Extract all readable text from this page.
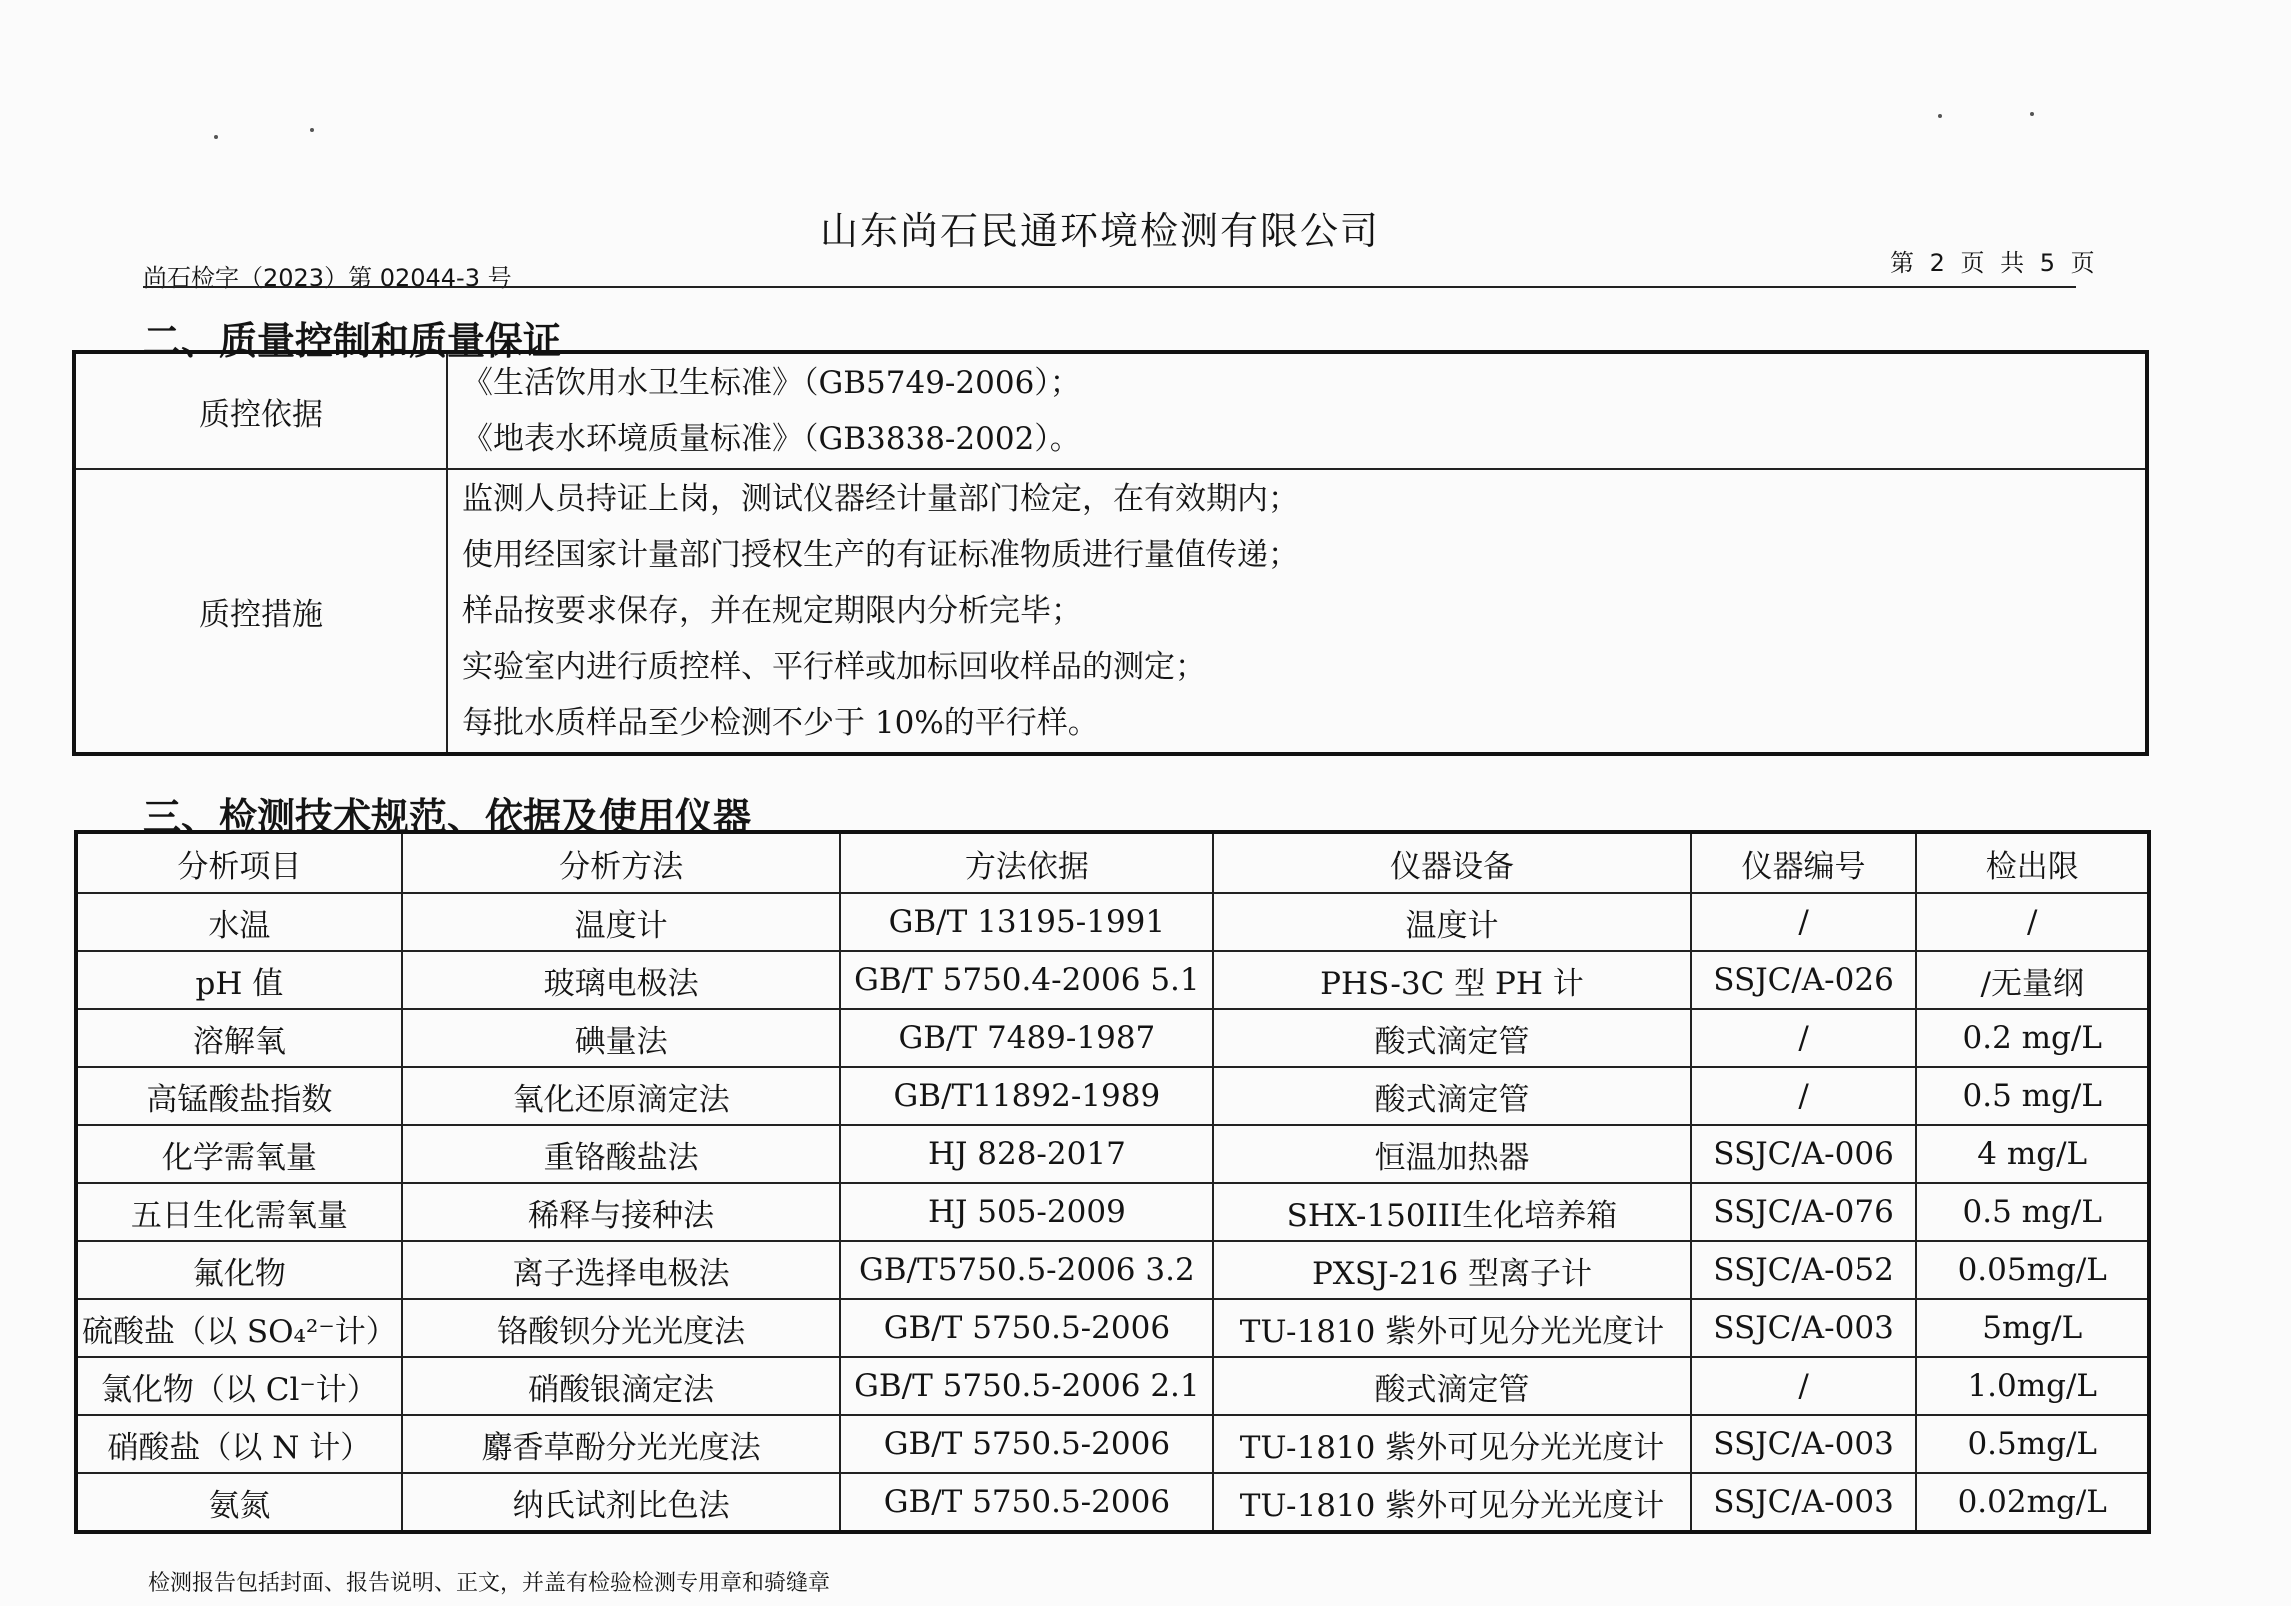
山东尚石民通环境检测有限公司
尚石检字（2023）第 02044-3 号
第 2 页 共 5 页
二、质量控制和质量保证
质控依据	《生活饮用水卫生标准》（GB5749-2006）；
《地表水环境质量标准》（GB3838-2002）。

质控措施	监测人员持证上岗，测试仪器经计量部门检定，在有效期内；
使用经国家计量部门授权生产的有证标准物质进行量值传递；
样品按要求保存，并在规定期限内分析完毕；
实验室内进行质控样、平行样或加标回收样品的测定；
每批水质样品至少检测不少于 10%的平行样。
三、检测技术规范、依据及使用仪器
分析项目	分析方法	方法依据	仪器设备	仪器编号	检出限
水温	温度计	GB/T 13195-1991	温度计	/	/
pH 值	玻璃电极法	GB/T 5750.4-2006 5.1	PHS-3C 型 PH 计	SSJC/A-026	/无量纲
溶解氧	碘量法	GB/T 7489-1987	酸式滴定管	/	0.2 mg/L
高锰酸盐指数	氧化还原滴定法	GB/T11892-1989	酸式滴定管	/	0.5 mg/L
化学需氧量	重铬酸盐法	HJ 828-2017	恒温加热器	SSJC/A-006	4 mg/L
五日生化需氧量	稀释与接种法	HJ 505-2009	SHX-150III生化培养箱	SSJC/A-076	0.5 mg/L
氟化物	离子选择电极法	GB/T5750.5-2006 3.2	PXSJ-216 型离子计	SSJC/A-052	0.05mg/L
硫酸盐（以 SO₄²⁻计）	铬酸钡分光光度法	GB/T 5750.5-2006	TU-1810 紫外可见分光光度计	SSJC/A-003	5mg/L
氯化物（以 Cl⁻计）	硝酸银滴定法	GB/T 5750.5-2006 2.1	酸式滴定管	/	1.0mg/L
硝酸盐（以 N 计）	麝香草酚分光光度法	GB/T 5750.5-2006	TU-1810 紫外可见分光光度计	SSJC/A-003	0.5mg/L
氨氮	纳氏试剂比色法	GB/T 5750.5-2006	TU-1810 紫外可见分光光度计	SSJC/A-003	0.02mg/L
检测报告包括封面、报告说明、正文，并盖有检验检测专用章和骑缝章
